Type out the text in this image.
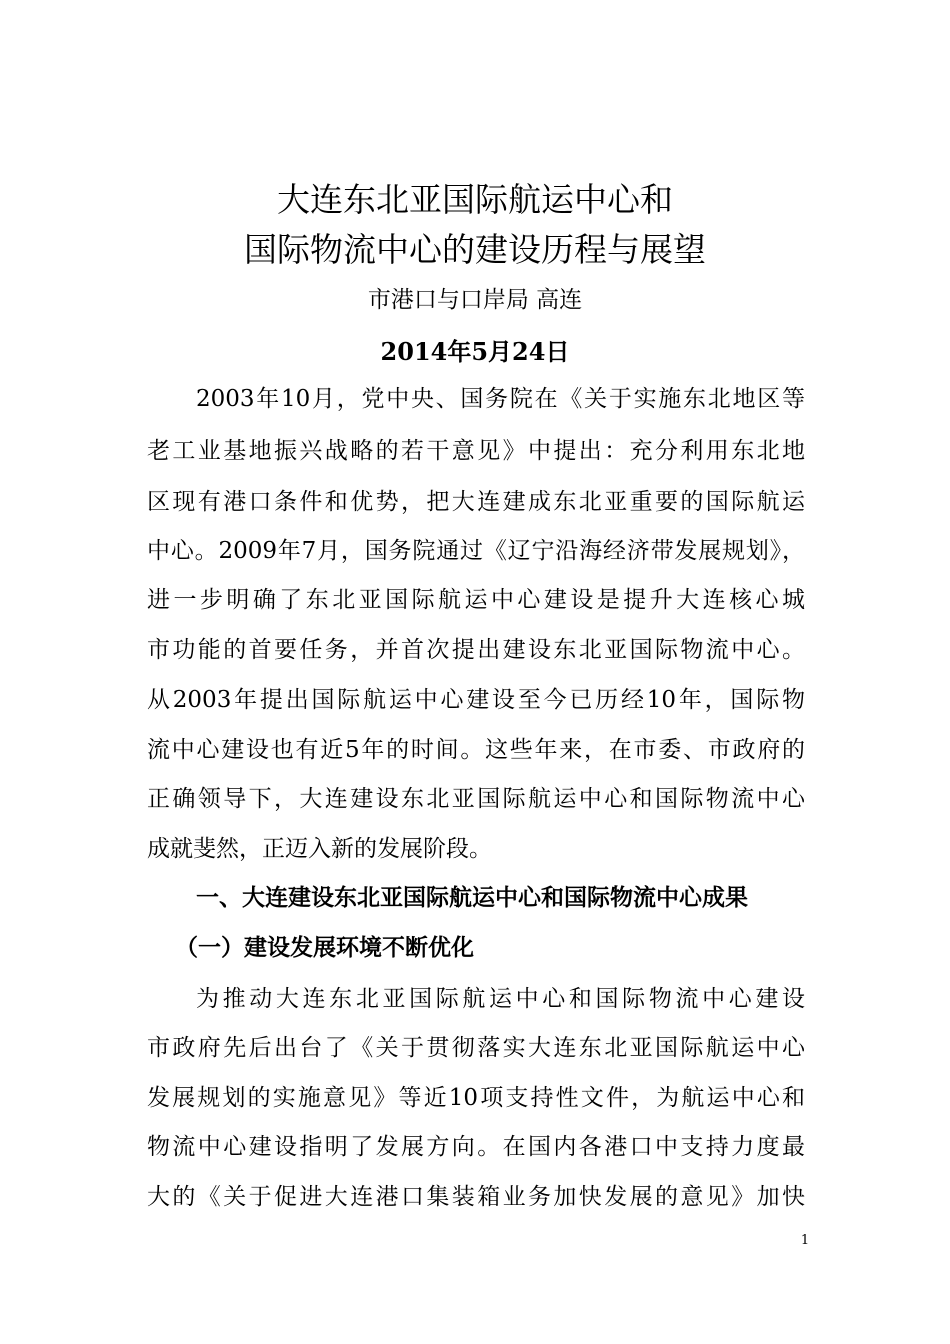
大连东北亚国际航运中心和
国际物流中心的建设历程与展望
市港口与口岸局 高连
2014年5月24日
2003年10月，党中央、国务院在《关于实施东北地区等
老工业基地振兴战略的若干意见》中提出：充分利用东北地
区现有港口条件和优势，把大连建成东北亚重要的国际航运
中心。2009年7月，国务院通过《辽宁沿海经济带发展规划》，
进一步明确了东北亚国际航运中心建设是提升大连核心城
市功能的首要任务，并首次提出建设东北亚国际物流中心。
从2003年提出国际航运中心建设至今已历经10年，国际物
流中心建设也有近5年的时间。这些年来，在市委、市政府的
正确领导下，大连建设东北亚国际航运中心和国际物流中心
成就斐然，正迈入新的发展阶段。
一、大连建设东北亚国际航运中心和国际物流中心成果
（一）建设发展环境不断优化
为推动大连东北亚国际航运中心和国际物流中心建设
市政府先后出台了《关于贯彻落实大连东北亚国际航运中心
发展规划的实施意见》等近10项支持性文件，为航运中心和
物流中心建设指明了发展方向。在国内各港口中支持力度最
大的《关于促进大连港口集装箱业务加快发展的意见》加快
1
